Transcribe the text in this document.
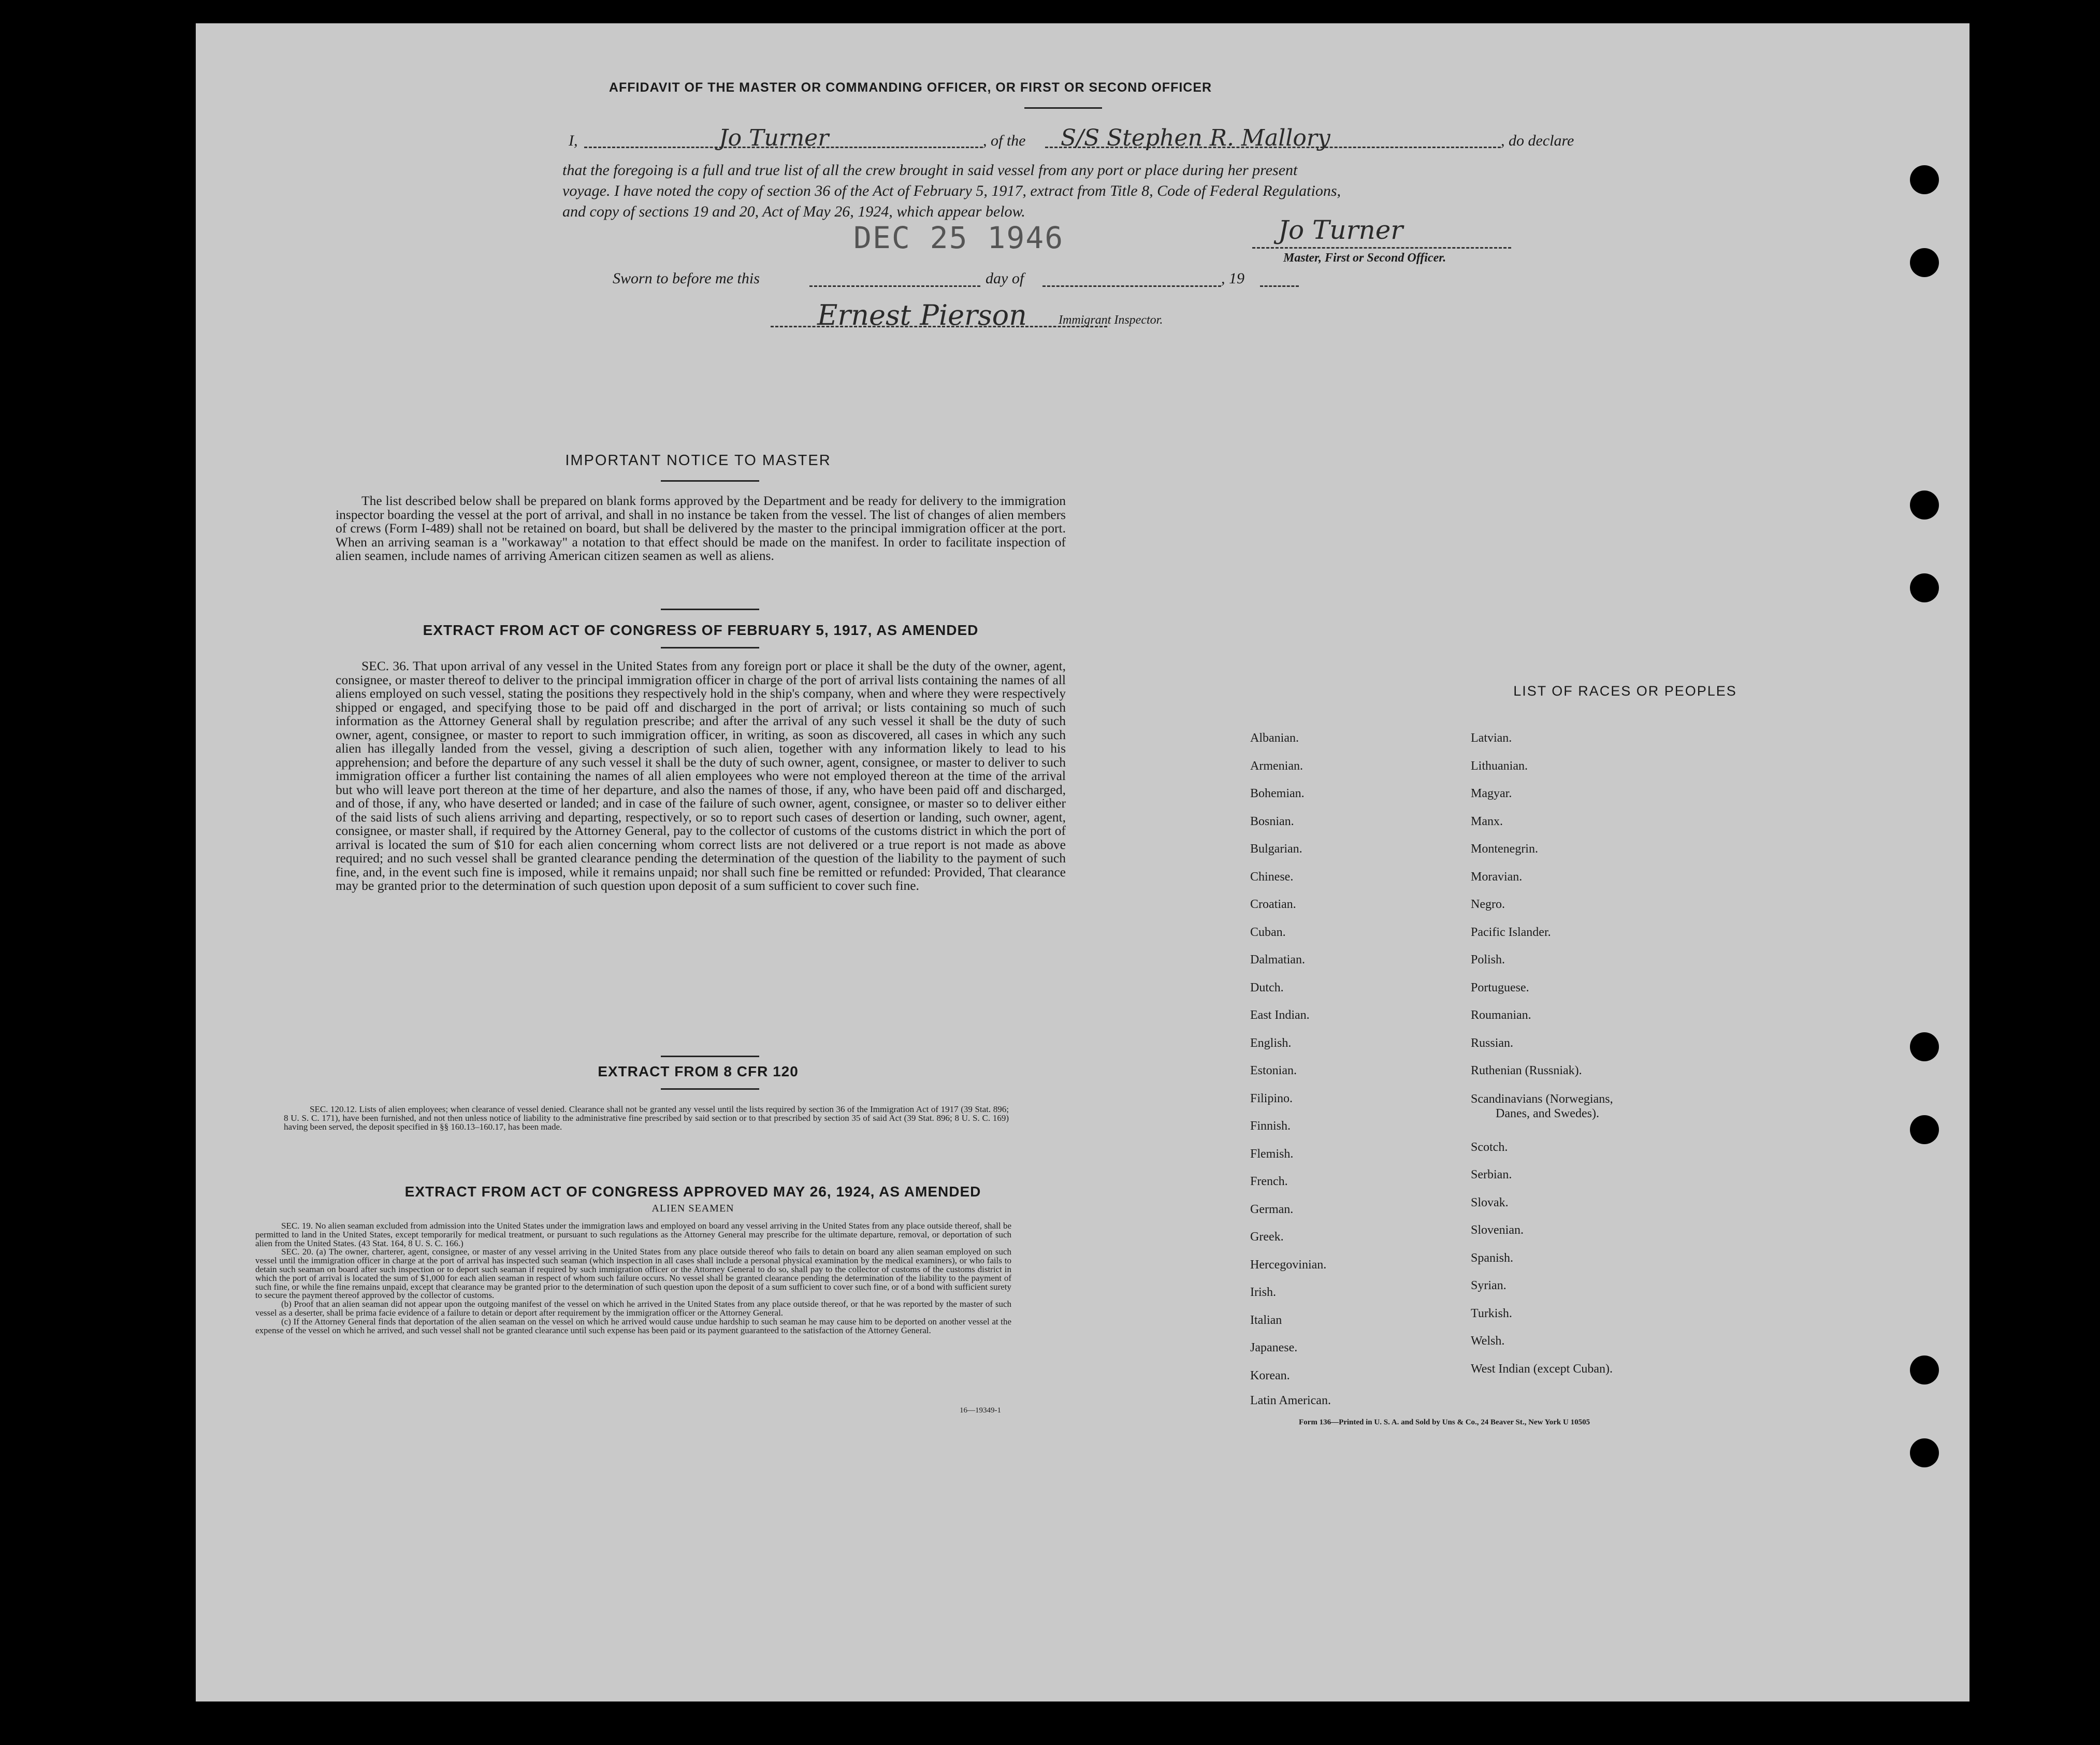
AFFIDAVIT OF THE MASTER OR COMMANDING OFFICER, OR FIRST OR SECOND OFFICER
I,	Jo Turner	, of the S/S Stephen R. Mallory	, do declare
that the foregoing is a full and true list of all the crew brought in said vessel from any port or place during her present
voyage. I have noted the copy of section 36 of the Act of February 5, 1917, extract from Title 8, Code of Federal Regulations,
and copy of sections 19 and 20, Act of May 26, 1924, which appear below.
DEC 25 1946	Jo Turner
Master, First or Second Officer.
Sworn to before me this	day of	, 19
Ernest Pierson	Immigrant Inspector.
IMPORTANT NOTICE TO MASTER
The list described below shall be prepared on blank forms approved by the Department and be ready for delivery to the immigration inspector boarding the vessel at the port of arrival, and shall in no instance be taken from the vessel. The list of changes of alien members of crews (Form I-489) shall not be retained on board, but shall be delivered by the master to the principal immigration officer at the port. When an arriving seaman is a "workaway" a notation to that effect should be made on the manifest. In order to facilitate inspection of alien seamen, include names of arriving American citizen seamen as well as aliens.
EXTRACT FROM ACT OF CONGRESS OF FEBRUARY 5, 1917, AS AMENDED
SEC. 36. That upon arrival of any vessel in the United States from any foreign port or place it shall be the duty of the owner, agent, consignee, or master thereof to deliver to the principal immigration officer in charge of the port of arrival lists containing the names of all aliens employed on such vessel, stating the positions they respectively hold in the ship's company, when and where they were respectively shipped or engaged, and specifying those to be paid off and discharged in the port of arrival; or lists containing so much of such information as the Attorney General shall by regulation prescribe; and after the arrival of any such vessel it shall be the duty of such owner, agent, consignee, or master to report to such immigration officer, in writing, as soon as discovered, all cases in which any such alien has illegally landed from the vessel, giving a description of such alien, together with any information likely to lead to his apprehension; and before the departure of any such vessel it shall be the duty of such owner, agent, consignee, or master to deliver to such immigration officer a further list containing the names of all alien employees who were not employed thereon at the time of the arrival but who will leave port thereon at the time of her departure, and also the names of those, if any, who have been paid off and discharged, and of those, if any, who have deserted or landed; and in case of the failure of such owner, agent, consignee, or master so to deliver either of the said lists of such aliens arriving and departing, respectively, or so to report such cases of desertion or landing, such owner, agent, consignee, or master shall, if required by the Attorney General, pay to the collector of customs of the customs district in which the port of arrival is located the sum of $10 for each alien concerning whom correct lists are not delivered or a true report is not made as above required; and no such vessel shall be granted clearance pending the determination of the question of the liability to the payment of such fine, and, in the event such fine is imposed, while it remains unpaid; nor shall such fine be remitted or refunded: Provided, That clearance may be granted prior to the determination of such question upon deposit of a sum sufficient to cover such fine.
EXTRACT FROM 8 CFR 120
SEC. 120.12. Lists of alien employees; when clearance of vessel denied. Clearance shall not be granted any vessel until the lists required by section 36 of the Immigration Act of 1917 (39 Stat. 896; 8 U. S. C. 171), have been furnished, and not then unless notice of liability to the administrative fine prescribed by said section or to that prescribed by section 35 of said Act (39 Stat. 896; 8 U. S. C. 169) having been served, the deposit specified in §§ 160.13–160.17, has been made.
EXTRACT FROM ACT OF CONGRESS APPROVED MAY 26, 1924, AS AMENDED
ALIEN SEAMEN
SEC. 19. No alien seaman excluded from admission into the United States under the immigration laws and employed on board any vessel arriving in the United States from any place outside thereof, shall be permitted to land in the United States, except temporarily for medical treatment, or pursuant to such regulations as the Attorney General may prescribe for the ultimate departure, removal, or deportation of such alien from the United States. (43 Stat. 164, 8 U. S. C. 166.)
SEC. 20. (a) The owner, charterer, agent, consignee, or master of any vessel arriving in the United States from any place outside thereof who fails to detain on board any alien seaman employed on such vessel until the immigration officer in charge at the port of arrival has inspected such seaman (which inspection in all cases shall include a personal physical examination by the medical examiners), or who fails to detain such seaman on board after such inspection or to deport such seaman if required by such immigration officer or the Attorney General to do so, shall pay to the collector of customs of the customs district in which the port of arrival is located the sum of $1,000 for each alien seaman in respect of whom such failure occurs. No vessel shall be granted clearance pending the determination of the liability to the payment of such fine, or while the fine remains unpaid, except that clearance may be granted prior to the determination of such question upon the deposit of a sum sufficient to cover such fine, or of a bond with sufficient surety to secure the payment thereof approved by the collector of customs.
(b) Proof that an alien seaman did not appear upon the outgoing manifest of the vessel on which he arrived in the United States from any place outside thereof, or that he was reported by the master of such vessel as a deserter, shall be prima facie evidence of a failure to detain or deport after requirement by the immigration officer or the Attorney General.
(c) If the Attorney General finds that deportation of the alien seaman on the vessel on which he arrived would cause undue hardship to such seaman he may cause him to be deported on another vessel at the expense of the vessel on which he arrived, and such vessel shall not be granted clearance until such expense has been paid or its payment guaranteed to the satisfaction of the Attorney General.
16—19349-1
LIST OF RACES OR PEOPLES
Albanian.
Armenian.
Bohemian.
Bosnian.
Bulgarian.
Chinese.
Croatian.
Cuban.
Dalmatian.
Dutch.
East Indian.
English.
Estonian.
Filipino.
Finnish.
Flemish.
French.
German.
Greek.
Hercegovinian.
Irish.
Italian
Japanese.
Korean.
Latin American.
Latvian.
Lithuanian.
Magyar.
Manx.
Montenegrin.
Moravian.
Negro.
Pacific Islander.
Polish.
Portuguese.
Roumanian.
Russian.
Ruthenian (Russniak).
Scandinavians (Norwegians,
Danes, and Swedes).
Scotch.
Serbian.
Slovak.
Slovenian.
Spanish.
Syrian.
Turkish.
Welsh.
West Indian (except Cuban).
Form 136—Printed in U. S. A. and Sold by Uns & Co., 24 Beaver St., New York U 10505
